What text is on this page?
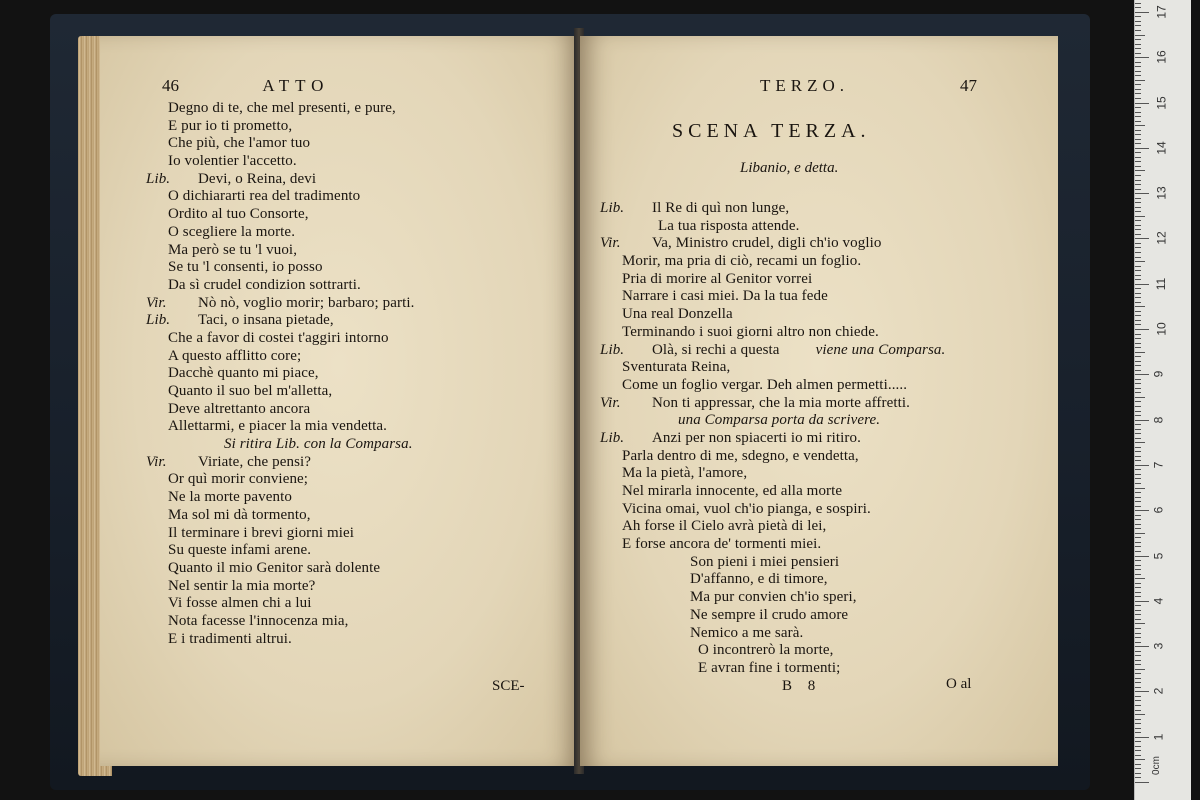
46	ATTO
Degno di te, che mel presenti, e pure,
E pur io ti prometto,
Che più, che l'amor tuo
Io volentier l'accetto.
Lib. Devi, o Reina, devi
O dichiararti rea del tradimento
Ordito al tuo Consorte,
O scegliere la morte.
Ma però se tu 'l vuoi,
Se tu 'l consenti, io posso
Da sì crudel condizion sottrarti.
Vir. Nò nò, voglio morir; barbaro; parti.
Lib. Taci, o insana pietade,
Che a favor di costei t'aggiri intorno
A questo afflitto core;
Dacchè quanto mi piace,
Quanto il suo bel m'alletta,
Deve altrettanto ancora
Allettarmi, e piacer la mia vendetta.
Si ritira Lib. con la Comparsa.
Vir. Viriate, che pensi?
Or quì morir conviene;
Ne la morte pavento
Ma sol mi dà tormento,
Il terminare i brevi giorni miei
Su queste infami arene.
Quanto il mio Genitor sarà dolente
Nel sentir la mia morte?
Vi fosse almen chi a lui
Nota facesse l'innocenza mia,
E i tradimenti altrui.
SCE-
TERZO.	47
SCENA TERZA.
Libanio, e detta.
Lib. Il Re di quì non lunge,
La tua risposta attende.
Vir. Va, Ministro crudel, digli ch'io voglio
Morir, ma pria di ciò, recami un foglio.
Pria di morire al Genitor vorrei
Narrare i casi miei. Da la tua fede
Una real Donzella
Terminando i suoi giorni altro non chiede.
Lib. Olà, si rechi a questa viene una Comparsa.
Sventurata Reina,
Come un foglio vergar. Deh almen permetti.....
Vir. Non ti appressar, che la mia morte affretti.
una Comparsa porta da scrivere.
Lib. Anzi per non spiacerti io mi ritiro.
Parla dentro di me, sdegno, e vendetta,
Ma la pietà, l'amore,
Nel mirarla innocente, ed alla morte
Vicina omai, vuol ch'io pianga, e sospiri.
Ah forse il Cielo avrà pietà di lei,
E forse ancora de' tormenti miei.
Son pieni i miei pensieri
D'affanno, e di timore,
Ma pur convien ch'io speri,
Ne sempre il crudo amore
Nemico a me sarà.
O incontrerò la morte,
E avran fine i tormenti;
B 8	O al
17
16
15
14
13
12
11
10
9
8
7
6
5
4
3
2
1
0cm
